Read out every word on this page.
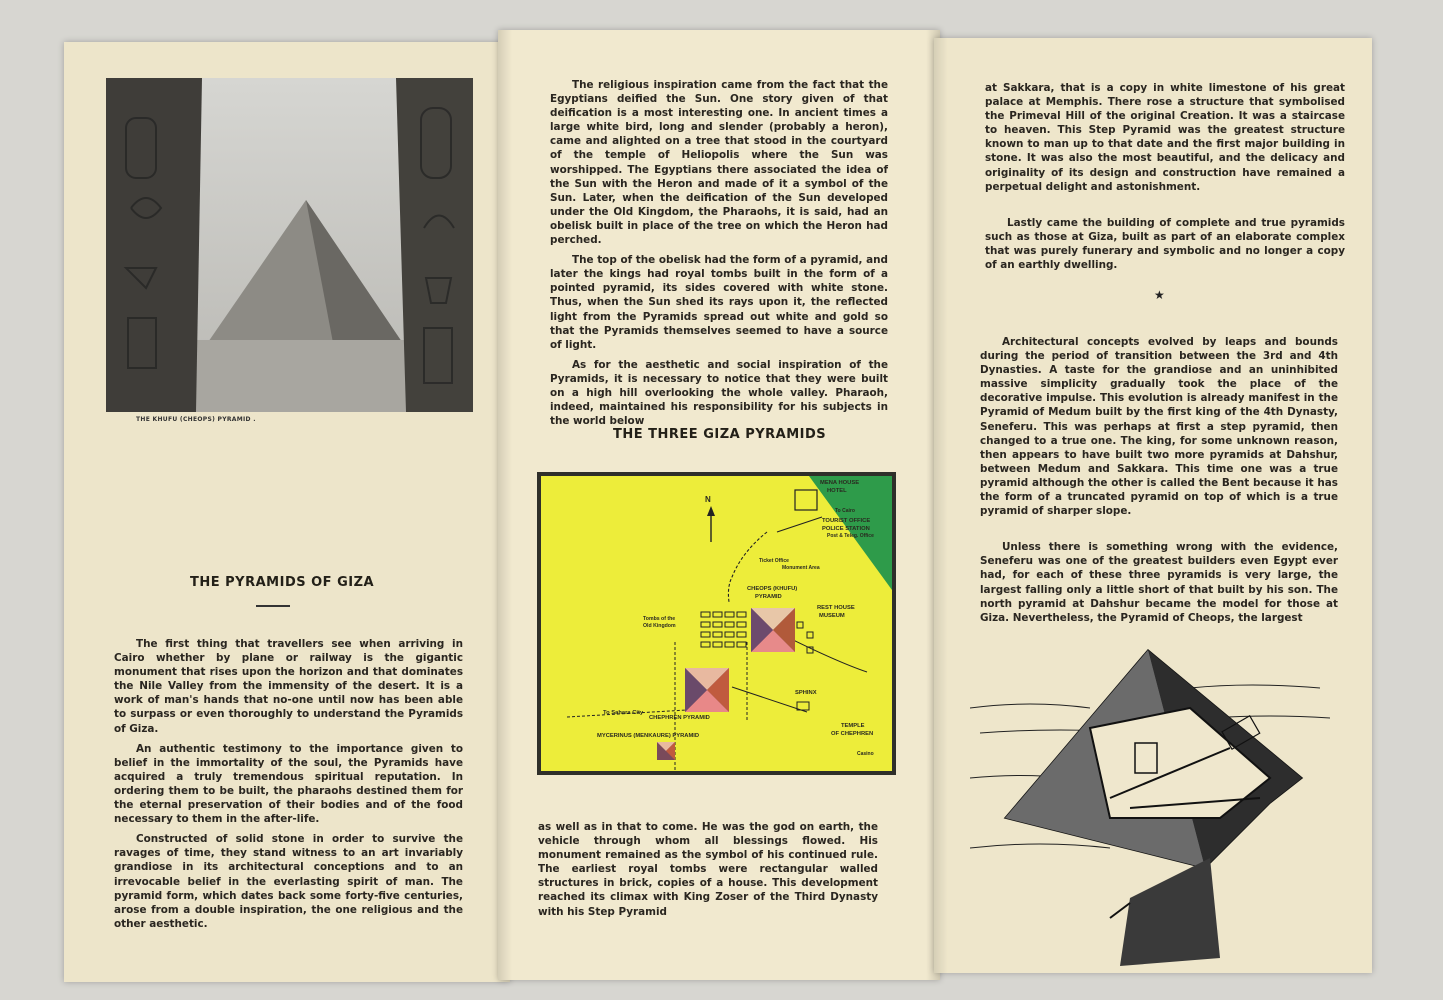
THE KHUFU (CHEOPS) PYRAMID .
THE PYRAMIDS OF GIZA

The first thing that travellers see when arriving in Cairo whether by plane or railway is the gigantic monument that rises upon the horizon and that dominates the Nile Valley from the immensity of the desert. It is a work of man's hands that no-one until now has been able to surpass or even thoroughly to understand the Pyramids of Giza.

An authentic testimony to the importance given to belief in the immortality of the soul, the Pyramids have acquired a truly tremendous spiritual reputation. In ordering them to be built, the pharaohs destined them for the eternal preservation of their bodies and of the food necessary to them in the after-life.

Constructed of solid stone in order to survive the ravages of time, they stand witness to an art invariably grandiose in its architectural conceptions and to an irrevocable belief in the everlasting spirit of man. The pyramid form, which dates back some forty-five centuries, arose from a double inspiration, the one religious and the other aesthetic.

The religious inspiration came from the fact that the Egyptians deified the Sun. One story given of that deification is a most interesting one. In ancient times a large white bird, long and slender (probably a heron), came and alighted on a tree that stood in the courtyard of the temple of Heliopolis where the Sun was worshipped. The Egyptians there associated the idea of the Sun with the Heron and made of it a symbol of the Sun. Later, when the deification of the Sun developed under the Old Kingdom, the Pharaohs, it is said, had an obelisk built in place of the tree on which the Heron had perched.

The top of the obelisk had the form of a pyramid, and later the kings had royal tombs built in the form of a pointed pyramid, its sides covered with white stone. Thus, when the Sun shed its rays upon it, the reflected light from the Pyramids spread out white and gold so that the Pyramids themselves seemed to have a source of light.

As for the aesthetic and social inspiration of the Pyramids, it is necessary to notice that they were built on a high hill overlooking the whole valley. Pharaoh, indeed, maintained his responsibility for his subjects in the world below

THE THREE GIZA PYRAMIDS
N
MENA HOUSE
HOTEL
To Cairo
TOURIST OFFICE
POLICE STATION
Post & Teleg. Office
Ticket Office
Monument Area
CHEOPS (KHUFU)
PYRAMID
REST HOUSE
MUSEUM
Tombs of the
Old Kingdom
CHEPHREN PYRAMID
To Sahara City
SPHINX
TEMPLE
OF CHEPHREN
MYCERINUS (MENKAURE) PYRAMID
Casino

as well as in that to come. He was the god on earth, the vehicle through whom all blessings flowed. His monument remained as the symbol of his continued rule. The earliest royal tombs were rectangular walled structures in brick, copies of a house. This development reached its climax with King Zoser of the Third Dynasty with his Step Pyramid

at Sakkara, that is a copy in white limestone of his great palace at Memphis. There rose a structure that symbolised the Primeval Hill of the original Creation. It was a staircase to heaven. This Step Pyramid was the greatest structure known to man up to that date and the first major building in stone. It was also the most beautiful, and the delicacy and originality of its design and construction have remained a perpetual delight and astonishment.

Lastly came the building of complete and true pyramids such as those at Giza, built as part of an elaborate complex that was purely funerary and symbolic and no longer a copy of an earthly dwelling.

★

Architectural concepts evolved by leaps and bounds during the period of transition between the 3rd and 4th Dynasties. A taste for the grandiose and an uninhibited massive simplicity gradually took the place of the decorative impulse. This evolution is already manifest in the Pyramid of Medum built by the first king of the 4th Dynasty, Seneferu. This was perhaps at first a step pyramid, then changed to a true one. The king, for some unknown reason, then appears to have built two more pyramids at Dahshur, between Medum and Sakkara. This time one was a true pyramid although the other is called the Bent because it has the form of a truncated pyramid on top of which is a true pyramid of sharper slope.

Unless there is something wrong with the evidence, Seneferu was one of the greatest builders even Egypt ever had, for each of these three pyramids is very large, the largest falling only a little short of that built by his son. The north pyramid at Dahshur became the model for those at Giza. Nevertheless, the Pyramid of Cheops, the largest
